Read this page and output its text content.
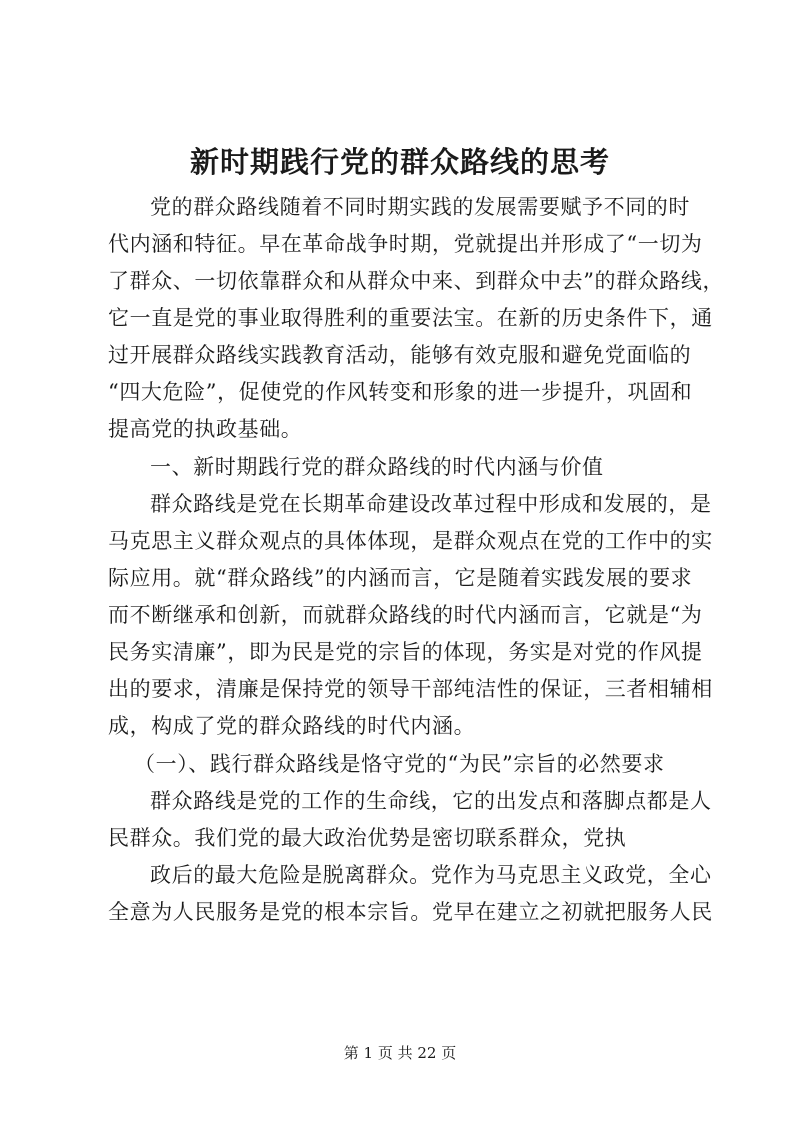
新时期践行党的群众路线的思考
党的群众路线随着不同时期实践的发展需要赋予不同的时
代内涵和特征。早在革命战争时期，党就提出并形成了“一切为
了群众、一切依靠群众和从群众中来、到群众中去”的群众路线，
它一直是党的事业取得胜利的重要法宝。在新的历史条件下，通
过开展群众路线实践教育活动，能够有效克服和避免党面临的
“四大危险”，促使党的作风转变和形象的进一步提升，巩固和
提高党的执政基础。
一、新时期践行党的群众路线的时代内涵与价值
群众路线是党在长期革命建设改革过程中形成和发展的，是
马克思主义群众观点的具体体现，是群众观点在党的工作中的实
际应用。就“群众路线”的内涵而言，它是随着实践发展的要求
而不断继承和创新，而就群众路线的时代内涵而言，它就是“为
民务实清廉”，即为民是党的宗旨的体现，务实是对党的作风提
出的要求，清廉是保持党的领导干部纯洁性的保证，三者相辅相
成，构成了党的群众路线的时代内涵。
（一）、践行群众路线是恪守党的“为民”宗旨的必然要求
群众路线是党的工作的生命线，它的出发点和落脚点都是人
民群众。我们党的最大政治优势是密切联系群众，党执
政后的最大危险是脱离群众。党作为马克思主义政党，全心
全意为人民服务是党的根本宗旨。党早在建立之初就把服务人民
第 1 页 共 22 页
